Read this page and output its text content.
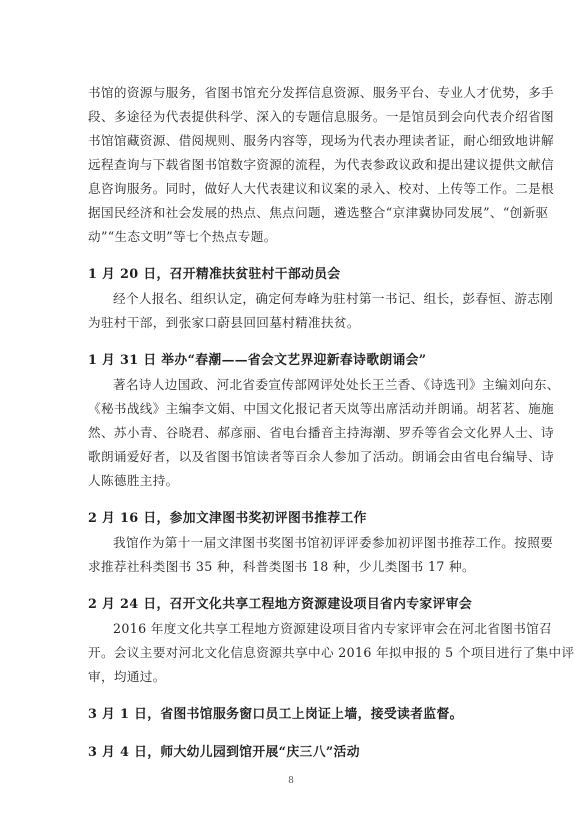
书馆的资源与服务，省图书馆充分发挥信息资源、服务平台、专业人才优势，多手

段、多途径为代表提供科学、深入的专题信息服务。一是馆员到会向代表介绍省图

书馆馆藏资源、借阅规则、服务内容等，现场为代表办理读者证，耐心细致地讲解

远程查询与下载省图书馆数字资源的流程，为代表参政议政和提出建议提供文献信

息咨询服务。同时，做好人大代表建议和议案的录入、校对、上传等工作。二是根

据国民经济和社会发展的热点、焦点问题，遴选整合“京津冀协同发展”、“创新驱

动”“生态文明”等七个热点专题。

1 月 20 日，召开精准扶贫驻村干部动员会

经个人报名、组织认定，确定何寿峰为驻村第一书记、组长，彭春恒、游志刚

为驻村干部，到张家口蔚县回回墓村精准扶贫。

1 月 31 日 举办“春潮——省会文艺界迎新春诗歌朗诵会”

著名诗人边国政、河北省委宣传部网评处处长王兰香、《诗选刊》主编刘向东、

《秘书战线》主编李文娟、中国文化报记者天岚等出席活动并朗诵。胡茗茗、施施

然、苏小青、谷晓君、郝彦丽、省电台播音主持海潮、罗乔等省会文化界人士、诗

歌朗诵爱好者，以及省图书馆读者等百余人参加了活动。朗诵会由省电台编导、诗

人陈德胜主持。

2 月 16 日，参加文津图书奖初评图书推荐工作

我馆作为第十一届文津图书奖图书馆初评评委参加初评图书推荐工作。按照要

求推荐社科类图书 35 种，科普类图书 18 种，少儿类图书 17 种。

2 月 24 日，召开文化共享工程地方资源建设项目省内专家评审会

2016 年度文化共享工程地方资源建设项目省内专家评审会在河北省图书馆召

开。会议主要对河北文化信息资源共享中心 2016 年拟申报的 5 个项目进行了集中评

审，均通过。

3 月 1 日，省图书馆服务窗口员工上岗证上墙，接受读者监督。

3 月 4 日，师大幼儿园到馆开展“庆三八”活动

8
